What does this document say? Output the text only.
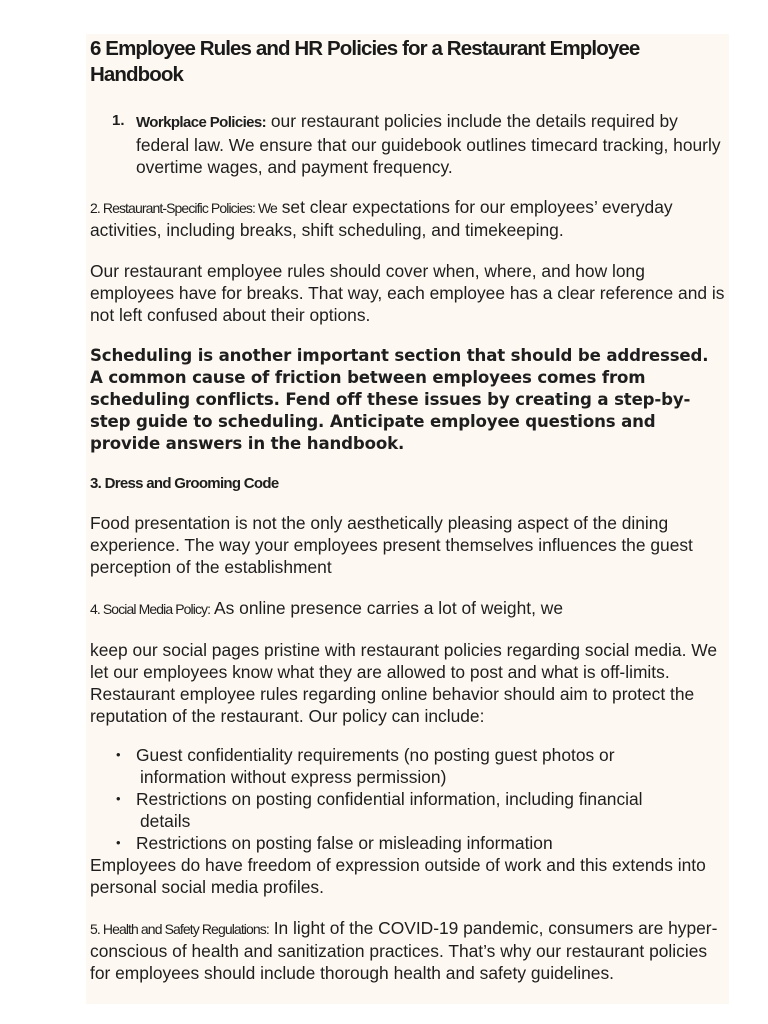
6 Employee Rules and HR Policies for a Restaurant Employee Handbook
1. Workplace Policies: our restaurant policies include the details required by federal law. We ensure that our guidebook outlines timecard tracking, hourly overtime wages, and payment frequency.

2. Restaurant-Specific Policies: We set clear expectations for our employees’ everyday activities, including breaks, shift scheduling, and timekeeping.

Our restaurant employee rules should cover when, where, and how long employees have for breaks. That way, each employee has a clear reference and is not left confused about their options.

Scheduling is another important section that should be addressed. A common cause of friction between employees comes from scheduling conflicts. Fend off these issues by creating a step-by-step guide to scheduling. Anticipate employee questions and provide answers in the handbook.

3. Dress and Grooming Code

Food presentation is not the only aesthetically pleasing aspect of the dining experience. The way your employees present themselves influences the guest perception of the establishment

4. Social Media Policy: As online presence carries a lot of weight, we

keep our social pages pristine with restaurant policies regarding social media. We let our employees know what they are allowed to post and what is off-limits. Restaurant employee rules regarding online behavior should aim to protect the reputation of the restaurant. Our policy can include:

• Guest confidentiality requirements (no posting guest photos or
information without express permission)
• Restrictions on posting confidential information, including financial
details
• Restrictions on posting false or misleading information

Employees do have freedom of expression outside of work and this extends into personal social media profiles.

5. Health and Safety Regulations: In light of the COVID-19 pandemic, consumers are hyper-conscious of health and sanitization practices. That’s why our restaurant policies for employees should include thorough health and safety guidelines.
